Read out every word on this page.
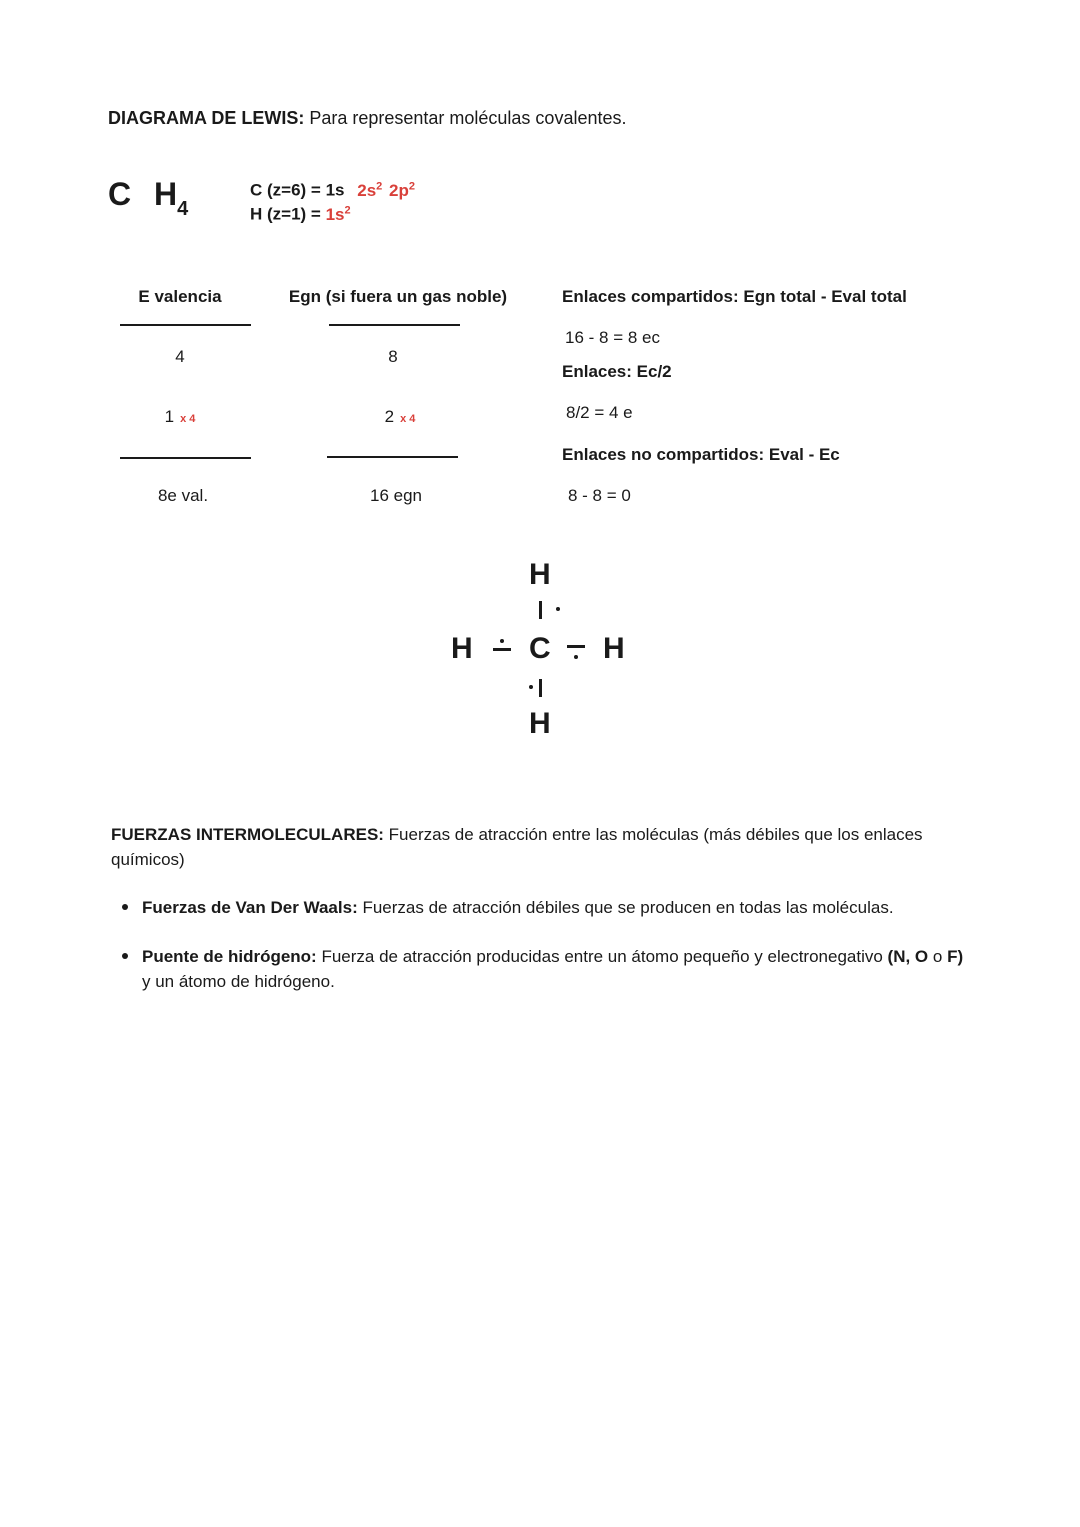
DIAGRAMA DE LEWIS: Para representar moléculas covalentes.
C $H_4$
C (z=6) = 1s $2s^2$ $2p^2$
H $(z=1) = 1s^2$
E valencia
4
1 x 4
8e val.
Egn (si fuera un gas noble)
8
2 x 4
16 egn
Enlaces compartidos: Egn total - Eval total
16 - 8 = 8 ec
Enlaces: Ec/2
8/2 = 4 e
Enlaces no compartidos: Eval - Ec
8 - 8 = 0
H
H C H
H
FUERZAS INTERMOLECULARES: Fuerzas de atracción entre las moléculas (más débiles que los enlaces químicos)
Fuerzas de Van Der Waals: Fuerzas de atracción débiles que se producen en todas las moléculas.
Puente de hidrógeno: Fuerza de atracción producidas entre un átomo pequeño y electronegativo (N, O o F) y un átomo de hidrógeno.
